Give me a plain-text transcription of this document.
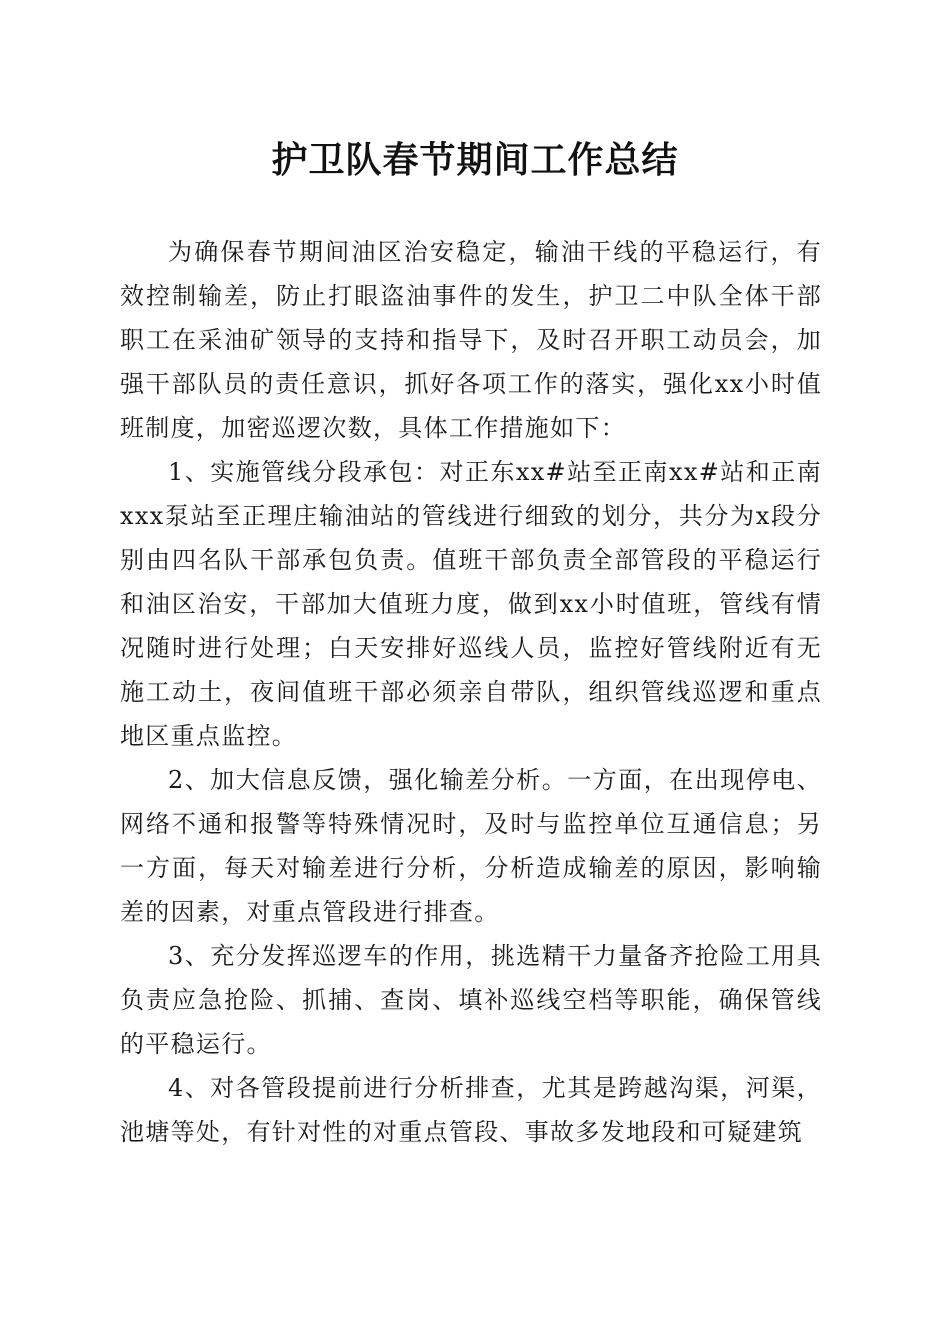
护卫队春节期间工作总结

为确保春节期间油区治安稳定，输油干线的平稳运行，有效控制输差，防止打眼盗油事件的发生，护卫二中队全体干部职工在采油矿领导的支持和指导下，及时召开职工动员会，加强干部队员的责任意识，抓好各项工作的落实，强化xx小时值班制度，加密巡逻次数，具体工作措施如下：

1、实施管线分段承包：对正东xx#站至正南xx#站和正南xxx泵站至正理庄输油站的管线进行细致的划分，共分为x段分别由四名队干部承包负责。值班干部负责全部管段的平稳运行和油区治安，干部加大值班力度，做到xx小时值班，管线有情况随时进行处理；白天安排好巡线人员，监控好管线附近有无施工动土，夜间值班干部必须亲自带队，组织管线巡逻和重点地区重点监控。

2、加大信息反馈，强化输差分析。一方面，在出现停电、网络不通和报警等特殊情况时，及时与监控单位互通信息；另一方面，每天对输差进行分析，分析造成输差的原因，影响输差的因素，对重点管段进行排查。

3、充分发挥巡逻车的作用，挑选精干力量备齐抢险工用具负责应急抢险、抓捕、查岗、填补巡线空档等职能，确保管线的平稳运行。

4、对各管段提前进行分析排查，尤其是跨越沟渠，河渠，池塘等处，有针对性的对重点管段、事故多发地段和可疑建筑
